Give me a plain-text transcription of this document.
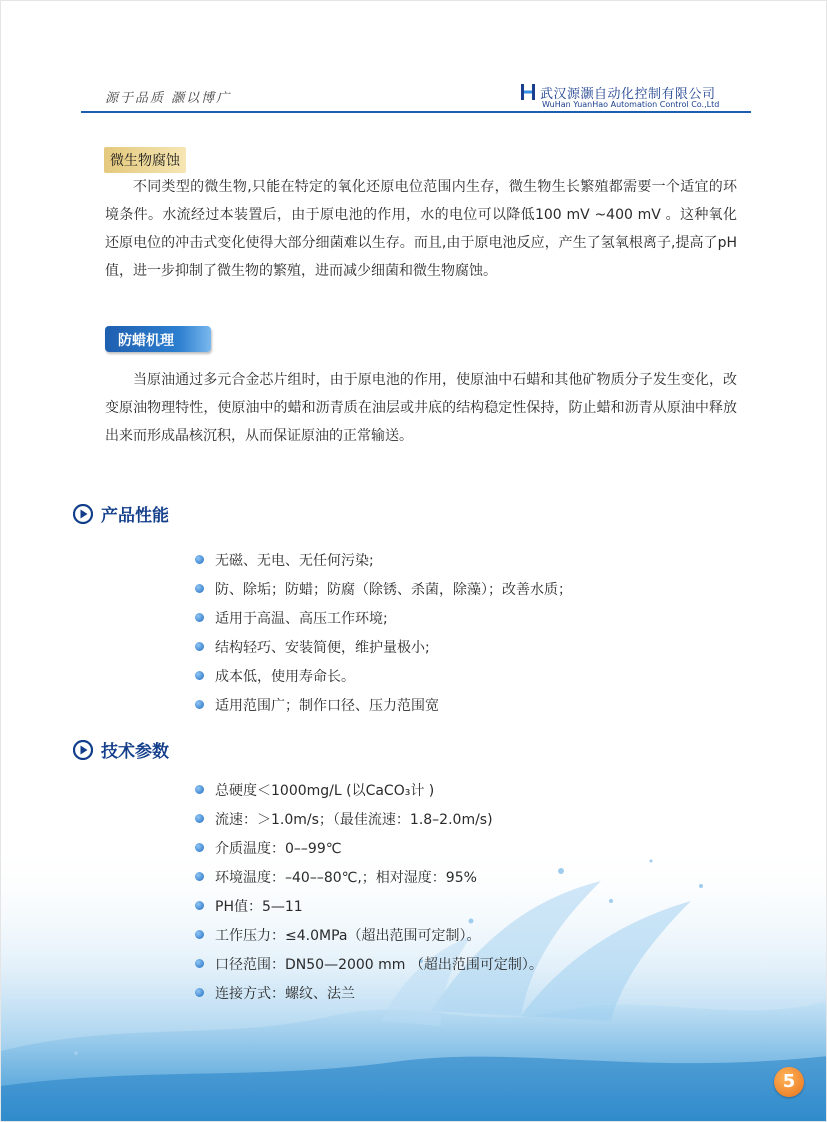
源于品质 灏以博广	武汉源灏自动化控制有限公司
WuHan YuanHao Automation Control Co.,Ltd
微生物腐蚀

不同类型的微生物,只能在特定的氧化还原电位范围内生存，微生物生长繁殖都需要一个适宜的环境条件。水流经过本装置后，由于原电池的作用，水的电位可以降低100 mV ~400 mV 。这种氧化还原电位的冲击式变化使得大部分细菌难以生存。而且,由于原电池反应，产生了氢氧根离子,提高了pH值，进一步抑制了微生物的繁殖，进而减少细菌和微生物腐蚀。

防蜡机理

当原油通过多元合金芯片组时，由于原电池的作用，使原油中石蜡和其他矿物质分子发生变化，改变原油物理特性，使原油中的蜡和沥青质在油层或井底的结构稳定性保持，防止蜡和沥青从原油中释放出来而形成晶核沉积，从而保证原油的正常输送。

产品性能
无磁、无电、无任何污染;
防、除垢；防蜡；防腐（除锈、杀菌，除藻）；改善水质；
适用于高温、高压工作环境;
结构轻巧、安装简便，维护量极小;
成本低，使用寿命长。
适用范围广；制作口径、压力范围宽
技术参数
总硬度＜1000mg/L (以CaCO₃计 )
流速：＞1.0m/s；（最佳流速：1.8–2.0m/s)
介质温度：0––99℃
环境温度：–40––80℃,；相对湿度：95%
PH值：5—11
工作压力：≤4.0MPa（超出范围可定制）。
口径范围：DN50—2000 mm （超出范围可定制）。
连接方式：螺纹、法兰
5
